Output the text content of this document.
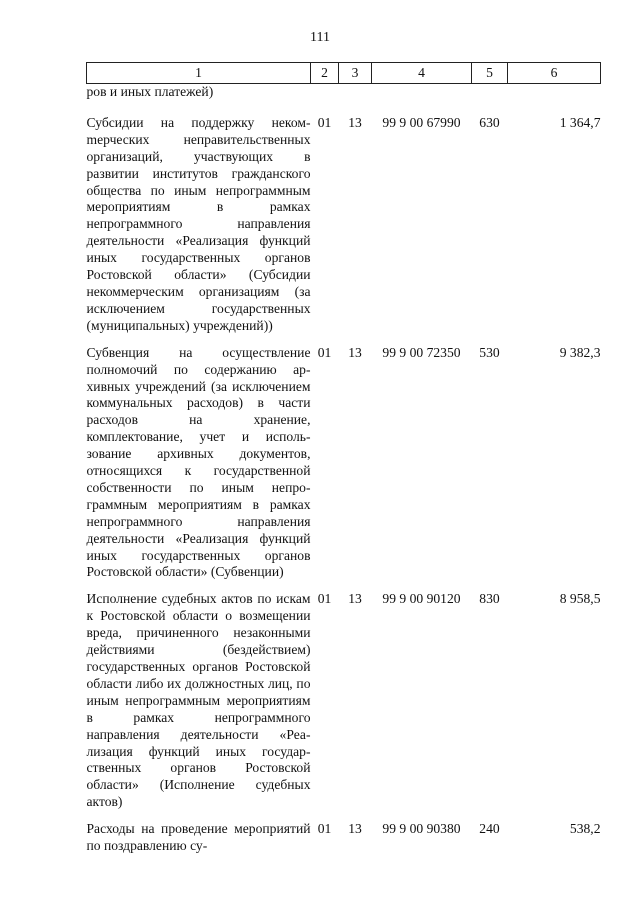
111
1	2	3	4	5	6
ров и иных платежей)					
Субсидии на поддержку некомmерческих неправительственных организаций, участвующих в развитии институтов гражданского общества по иным непрограммным мероприятиям в рамках непрограммного направления деятельности «Реализация функций иных государственных органов Ростовской области» (Субсидии некоммерческим организациям (за исключением государственных (муниципальных) учреждений))	01	13	99 9 00 67990	630	1 364,7
Субвенция на осуществление полномочий по содержанию архивных учреждений (за исключением коммунальных расходов) в части расходов на хранение, комплектование, учет и использование архивных документов, относящихся к государственной собственности по иным непрограммным мероприятиям в рамках непрограммного направления деятельности «Реализация функций иных государственных органов Ростовской области» (Субвенции)	01	13	99 9 00 72350	530	9 382,3
Исполнение судебных актов по искам к Ростовской области о возмещении вреда, причиненного незаконными действиями (бездействием) государственных органов Ростовской области либо их должностных лиц, по иным непрограммным мероприятиям в рамках непрограммного направления деятельности «Реализация функций иных государственных органов Ростовской области» (Исполнение судебных актов)	01	13	99 9 00 90120	830	8 958,5
Расходы на проведение мероприятий по поздравлению су-	01	13	99 9 00 90380	240	538,2
